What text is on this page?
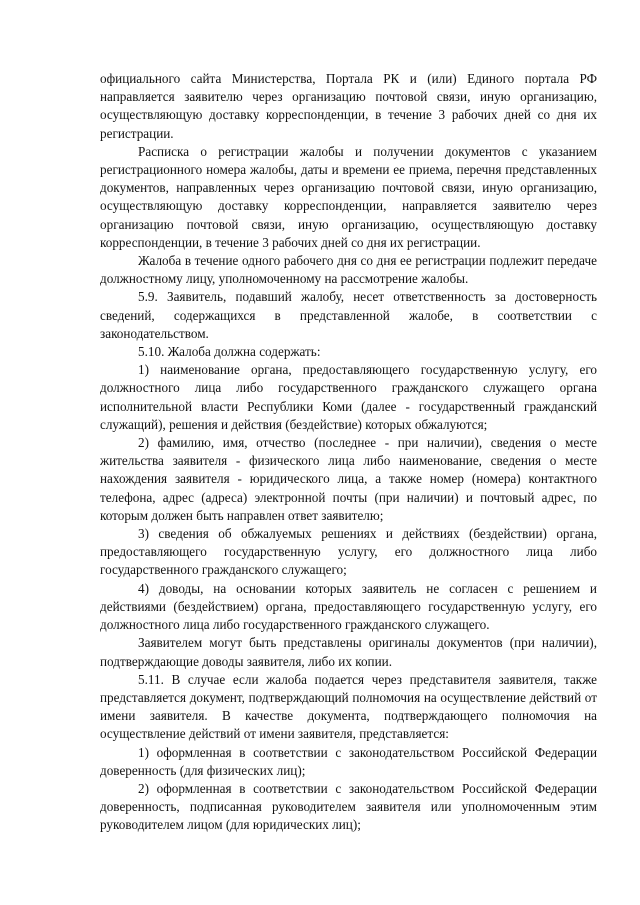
официального сайта Министерства, Портала РК и (или) Единого портала РФ направляется заявителю через организацию почтовой связи, иную организацию, осуществляющую доставку корреспонденции, в течение 3 рабочих дней со дня их регистрации.

Расписка о регистрации жалобы и получении документов с указанием регистрационного номера жалобы, даты и времени ее приема, перечня представленных документов, направленных через организацию почтовой связи, иную организацию, осуществляющую доставку корреспонденции, направляется заявителю через организацию почтовой связи, иную организацию, осуществляющую доставку корреспонденции, в течение 3 рабочих дней со дня их регистрации.

Жалоба в течение одного рабочего дня со дня ее регистрации подлежит передаче должностному лицу, уполномоченному на рассмотрение жалобы.

5.9. Заявитель, подавший жалобу, несет ответственность за достоверность сведений, содержащихся в представленной жалобе, в соответствии с законодательством.

5.10. Жалоба должна содержать:

1) наименование органа, предоставляющего государственную услугу, его должностного лица либо государственного гражданского служащего органа исполнительной власти Республики Коми (далее - государственный гражданский служащий), решения и действия (бездействие) которых обжалуются;

2) фамилию, имя, отчество (последнее - при наличии), сведения о месте жительства заявителя - физического лица либо наименование, сведения о месте нахождения заявителя - юридического лица, а также номер (номера) контактного телефона, адрес (адреса) электронной почты (при наличии) и почтовый адрес, по которым должен быть направлен ответ заявителю;

3) сведения об обжалуемых решениях и действиях (бездействии) органа, предоставляющего государственную услугу, его должностного лица либо государственного гражданского служащего;

4) доводы, на основании которых заявитель не согласен с решением и действиями (бездействием) органа, предоставляющего государственную услугу, его должностного лица либо государственного гражданского служащего.

Заявителем могут быть представлены оригиналы документов (при наличии), подтверждающие доводы заявителя, либо их копии.

5.11. В случае если жалоба подается через представителя заявителя, также представляется документ, подтверждающий полномочия на осуществление действий от имени заявителя. В качестве документа, подтверждающего полномочия на осуществление действий от имени заявителя, представляется:

1) оформленная в соответствии с законодательством Российской Федерации доверенность (для физических лиц);

2) оформленная в соответствии с законодательством Российской Федерации доверенность, подписанная руководителем заявителя или уполномоченным этим руководителем лицом (для юридических лиц);
